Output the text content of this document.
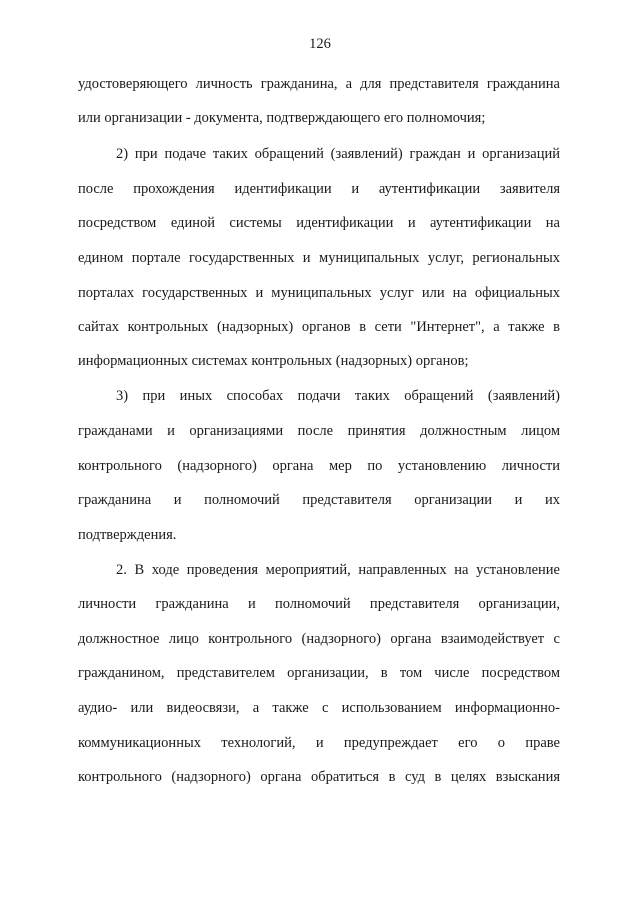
126
удостоверяющего личность гражданина, а для представителя гражданина
или организации - документа, подтверждающего его полномочия;
2) при подаче таких обращений (заявлений) граждан и организаций
после прохождения идентификации и аутентификации заявителя
посредством единой системы идентификации и аутентификации на
едином портале государственных и муниципальных услуг, региональных
порталах государственных и муниципальных услуг или на официальных
сайтах контрольных (надзорных) органов в сети "Интернет", а также в
информационных системах контрольных (надзорных) органов;
3) при иных способах подачи таких обращений (заявлений)
гражданами и организациями после принятия должностным лицом
контрольного (надзорного) органа мер по установлению личности
гражданина и полномочий представителя организации и их
подтверждения.
2. В ходе проведения мероприятий, направленных на установление
личности гражданина и полномочий представителя организации,
должностное лицо контрольного (надзорного) органа взаимодействует с
гражданином, представителем организации, в том числе посредством
аудио- или видеосвязи, а также с использованием информационно-
коммуникационных технологий, и предупреждает его о праве
контрольного (надзорного) органа обратиться в суд в целях взыскания
